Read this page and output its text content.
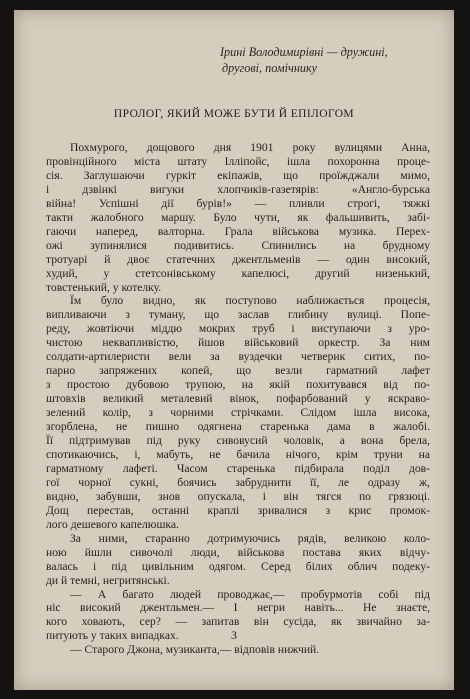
Ірині Володимирівні — дружині,
другові, помічнику
ПРОЛОГ, ЯКИЙ МОЖЕ БУТИ Й ЕПІЛОГОМ
Похмурого, дощового дня 1901 року вулицями Анна,
провінційного міста штату Ілліпойс, ішла похоронна проце-
сія. Заглушаючи гуркіт екіпажів, що проїжджали мимо,
і дзвінкі вигуки хлопчиків-газетярів: «Англо-бурська
війна! Успішні дії бурів!» — пливли строгі, тяжкі
такти жалобного маршу. Було чути, як фальшивить, забі-
гаючи наперед, валторна. Грала військова музика. Перех-
ожі зупинялися подивитись. Спинились на брудному
тротуарі й двоє статечних джентльменів — один високий,
худий, у стетсонівському капелюсі, другий низенький,
товстенький, у котелку.
Їм було видно, як поступово наближається процесія,
випливаючи з туману, що заслав глибину вулиці. Попе-
реду, жовтіючи міддю мокрих труб і виступаючи з уро-
чистою неквапливістю, йшов військовий оркестр. За ним
солдати-артилеристи вели за вуздечки четверик ситих, по-
парно запряжених копей, що везли гарматний лафет
з простою дубовою трупою, на якій похитувався від по-
штовхів великий металевий вінок, пофарбований у яскраво-
зелений колір, з чорними стрічками. Слідом ішла висока,
згорблена, не пишно одягнена старенька дама в жалобі.
Її підтримував під руку сивовусий чоловік, а вона брела,
спотикаючись, і, мабуть, не бачила нічого, крім труни на
гарматному лафеті. Часом старенька підбирала поділ дов-
гої чорної сукні, боячись забруднити її, ле одразу ж,
видно, забувши, знов опускала, і він тягся по грязюці.
Дощ перестав, останні краплі зривалися з крис промок-
лого дешевого капелюшка.
За ними, старанно дотримуючись рядів, великою коло-
ною йшли сивочолі люди, військова постава яких відчу-
валась і під цивільним одягом. Серед білих облич подеку-
ди й темні, негритянські.
— А багато людей проводжає,— пробурмотів собі під
ніс високий джентльмен.— І негри навіть... Не знаєте,
кого ховають, сер? — запитав він сусіда, як звичайно за-
питують у таких випадках.
— Старого Джона, музиканта,— відповів нижчий.
3
